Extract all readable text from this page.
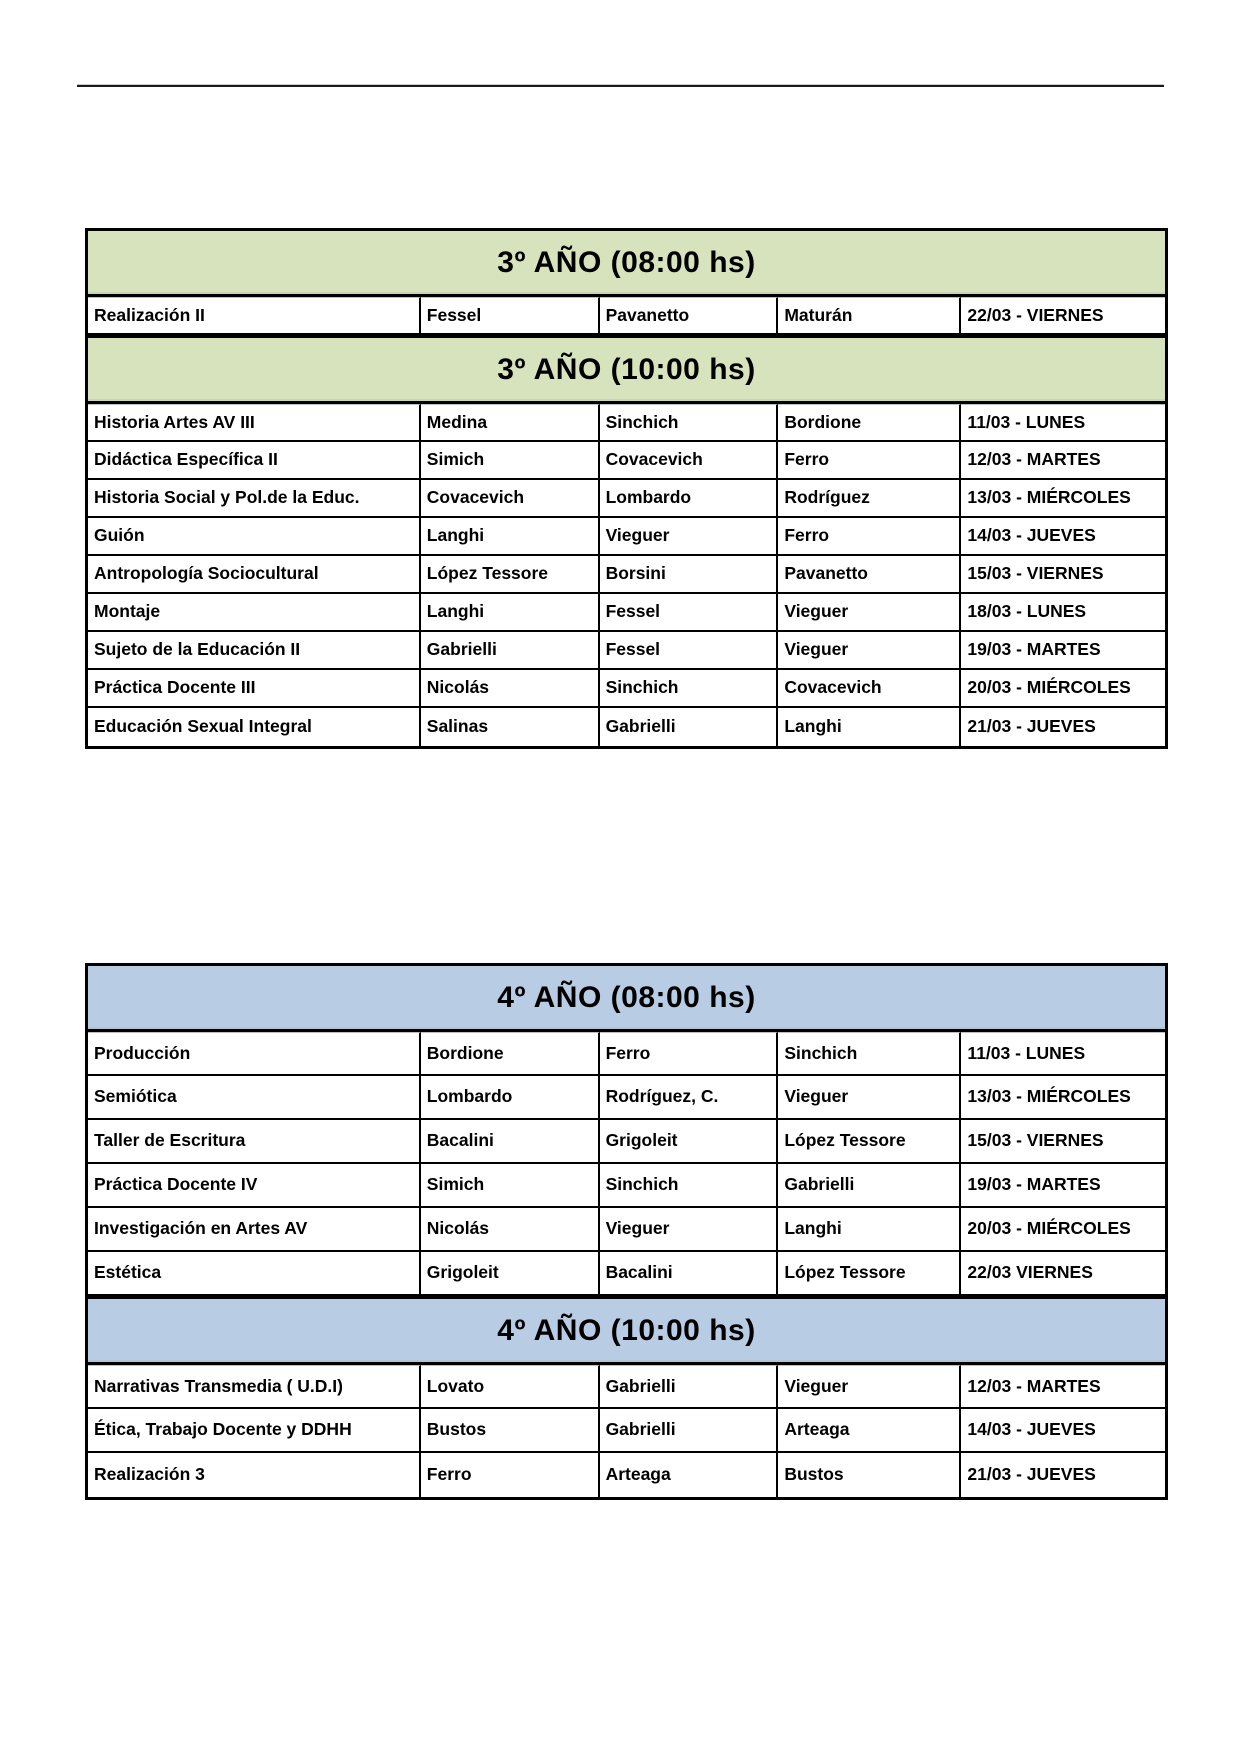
3º AÑO (08:00 hs)
Realización II	Fessel	Pavanetto	Maturán	22/03 - VIERNES
3º AÑO (10:00 hs)
Historia Artes AV III	Medina	Sinchich	Bordione	11/03 - LUNES
Didáctica Específica II	Simich	Covacevich	Ferro	12/03 - MARTES
Historia Social y Pol.de la Educ.	Covacevich	Lombardo	Rodríguez	13/03 - MIÉRCOLES
Guión	Langhi	Vieguer	Ferro	14/03 - JUEVES
Antropología Sociocultural	López Tessore	Borsini	Pavanetto	15/03 - VIERNES
Montaje	Langhi	Fessel	Vieguer	18/03 - LUNES
Sujeto de la Educación II	Gabrielli	Fessel	Vieguer	19/03 - MARTES
Práctica Docente III	Nicolás	Sinchich	Covacevich	20/03 - MIÉRCOLES
Educación Sexual Integral	Salinas	Gabrielli	Langhi	21/03 - JUEVES
4º AÑO (08:00 hs)
Producción	Bordione	Ferro	Sinchich	11/03 - LUNES
Semiótica	Lombardo	Rodríguez, C.	Vieguer	13/03 - MIÉRCOLES
Taller de Escritura	Bacalini	Grigoleit	López Tessore	15/03 - VIERNES
Práctica Docente IV	Simich	Sinchich	Gabrielli	19/03 - MARTES
Investigación en Artes AV	Nicolás	Vieguer	Langhi	20/03 - MIÉRCOLES
Estética	Grigoleit	Bacalini	López Tessore	22/03 VIERNES
4º AÑO (10:00 hs)
Narrativas Transmedia ( U.D.I)	Lovato	Gabrielli	Vieguer	12/03 - MARTES
Ética, Trabajo Docente y DDHH	Bustos	Gabrielli	Arteaga	14/03 - JUEVES
Realización 3	Ferro	Arteaga	Bustos	21/03 - JUEVES
